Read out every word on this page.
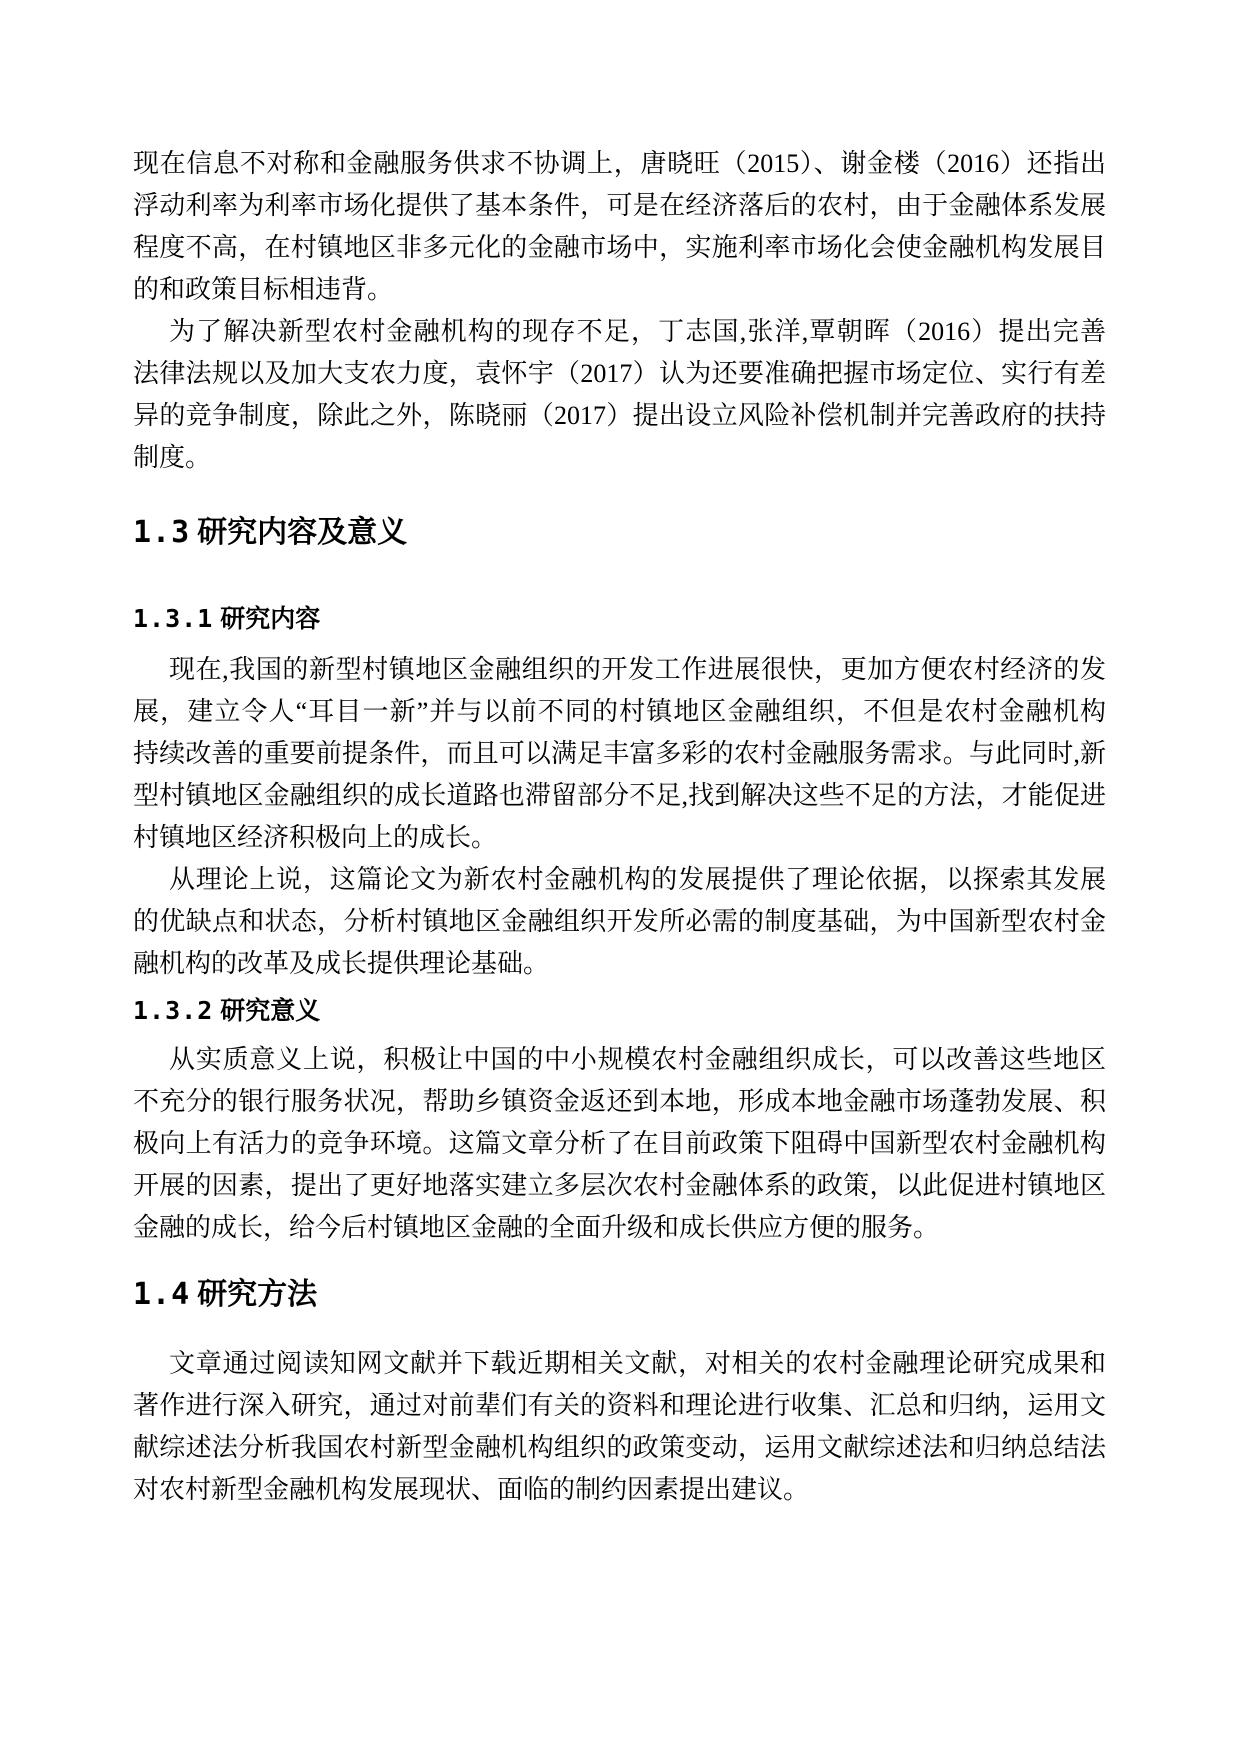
现在信息不对称和金融服务供求不协调上，唐晓旺（2015）、谢金楼（2016）还指出
浮动利率为利率市场化提供了基本条件，可是在经济落后的农村，由于金融体系发展
程度不高，在村镇地区非多元化的金融市场中，实施利率市场化会使金融机构发展目
的和政策目标相违背。
为了解决新型农村金融机构的现存不足，丁志国,张洋,覃朝晖（2016）提出完善
法律法规以及加大支农力度，袁怀宇（2017）认为还要准确把握市场定位、实行有差
异的竞争制度，除此之外，陈晓丽（2017）提出设立风险补偿机制并完善政府的扶持
制度。
1.3 研究内容及意义
1.3.1 研究内容
现在,我国的新型村镇地区金融组织的开发工作进展很快，更加方便农村经济的发
展，建立令人“耳目一新”并与以前不同的村镇地区金融组织，不但是农村金融机构
持续改善的重要前提条件，而且可以满足丰富多彩的农村金融服务需求。与此同时,新
型村镇地区金融组织的成长道路也滞留部分不足,找到解决这些不足的方法，才能促进
村镇地区经济积极向上的成长。
从理论上说，这篇论文为新农村金融机构的发展提供了理论依据，以探索其发展
的优缺点和状态，分析村镇地区金融组织开发所必需的制度基础，为中国新型农村金
融机构的改革及成长提供理论基础。
1.3.2 研究意义
从实质意义上说，积极让中国的中小规模农村金融组织成长，可以改善这些地区
不充分的银行服务状况，帮助乡镇资金返还到本地，形成本地金融市场蓬勃发展、积
极向上有活力的竞争环境。这篇文章分析了在目前政策下阻碍中国新型农村金融机构
开展的因素，提出了更好地落实建立多层次农村金融体系的政策，以此促进村镇地区
金融的成长，给今后村镇地区金融的全面升级和成长供应方便的服务。
1.4 研究方法
文章通过阅读知网文献并下载近期相关文献，对相关的农村金融理论研究成果和
著作进行深入研究，通过对前辈们有关的资料和理论进行收集、汇总和归纳，运用文
献综述法分析我国农村新型金融机构组织的政策变动，运用文献综述法和归纳总结法
对农村新型金融机构发展现状、面临的制约因素提出建议。
